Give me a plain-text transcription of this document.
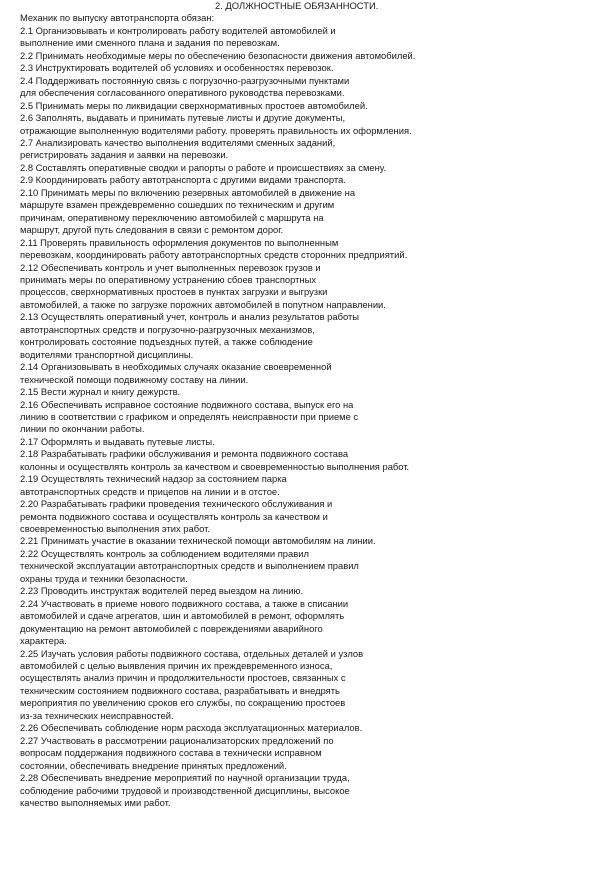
2. ДОЛЖНОСТНЫЕ ОБЯЗАННОСТИ.
Механик по выпуску автотранспорта обязан:
2.1 Организовывать и контролировать работу водителей автомобилей и
выполнение ими сменного плана и задания по перевозкам.
2.2 Принимать необходимые меры по обеспечению безопасности движения автомобилей.
2.3 Инструктировать водителей об условиях и особенностях перевозок.
2.4 Поддерживать постоянную связь с погрузочно-разгрузочными пунктами
для обеспечения согласованного оперативного руководства перевозками.
2.5 Принимать меры по ликвидации сверхнормативных простоев автомобилей.
2.6 Заполнять, выдавать и принимать путевые листы и другие документы,
отражающие выполненную водителями работу. проверять правильность их оформления.
2.7 Анализировать качество выполнения водителями сменных заданий,
регистрировать задания и заявки на перевозки.
2.8 Составлять оперативные сводки и рапорты о работе и происшествиях за смену.
2.9 Координировать работу автотранспорта с другими видами транспорта.
2.10 Принимать меры по включению резервных автомобилей в движение на
маршруте взамен преждевременно сошедших по техническим и другим
причинам, оперативному переключению автомобилей с маршрута на
маршрут, другой путь следования в связи с ремонтом дорог.
2.11 Проверять правильность оформления документов по выполненным
перевозкам, координировать работу автотранспортных средств сторонних предприятий.
2.12 Обеспечивать контроль и учет выполненных перевозок грузов и
принимать меры по оперативному устранению сбоев транспортных
процессов, сверхнормативных простоев в пунктах загрузки и выгрузки
автомобилей, а также по загрузке порожних автомобилей в попутном направлении.
2.13 Осуществлять оперативный учет, контроль и анализ результатов работы
автотранспортных средств и погрузочно-разгрузочных механизмов,
контролировать состояние подъездных путей, а также соблюдение
водителями транспортной дисциплины.
2.14 Организовывать в необходимых случаях оказание своевременной
технической помощи подвижному составу на линии.
2.15 Вести журнал и книгу дежурств.
2.16 Обеспечивать исправное состояние подвижного состава, выпуск его на
линию в соответствии с графиком и определять неисправности при приеме с
линии по окончании работы.
2.17 Оформлять и выдавать путевые листы.
2.18 Разрабатывать графики обслуживания и ремонта подвижного состава
колонны и осуществлять контроль за качеством и своевременностью выполнения работ.
2.19 Осуществлять технический надзор за состоянием парка
автотранспортных средств и прицепов на линии и в отстое.
2.20 Разрабатывать графики проведения технического обслуживания и
ремонта подвижного состава и осуществлять контроль за качеством и
своевременностью выполнения этих работ.
2.21 Принимать участие в оказании технической помощи автомобилям на линии.
2.22 Осуществлять контроль за соблюдением водителями правил
технической эксплуатации автотранспортных средств и выполнением правил
охраны труда и техники безопасности.
2.23 Проводить инструктаж водителей перед выездом на линию.
2.24 Участвовать в приеме нового подвижного состава, а также в списании
автомобилей и сдаче агрегатов, шин и автомобилей в ремонт, оформлять
документацию на ремонт автомобилей с повреждениями аварийного
характера.
2.25 Изучать условия работы подвижного состава, отдельных деталей и узлов
автомобилей с целью выявления причин их преждевременного износа,
осуществлять анализ причин и продолжительности простоев, связанных с
техническим состоянием подвижного состава, разрабатывать и внедрять
мероприятия по увеличению сроков его службы, по сокращению простоев
из-за технических неисправностей.
2.26 Обеспечивать соблюдение норм расхода эксплуатационных материалов.
2.27 Участвовать в рассмотрении рационализаторских предложений по
вопросам поддержания подвижного состава в технически исправном
состоянии, обеспечивать внедрение принятых предложений.
2.28 Обеспечивать внедрение мероприятий по научной организации труда,
соблюдение рабочими трудовой и производственной дисциплины, высокое
качество выполняемых ими работ.
